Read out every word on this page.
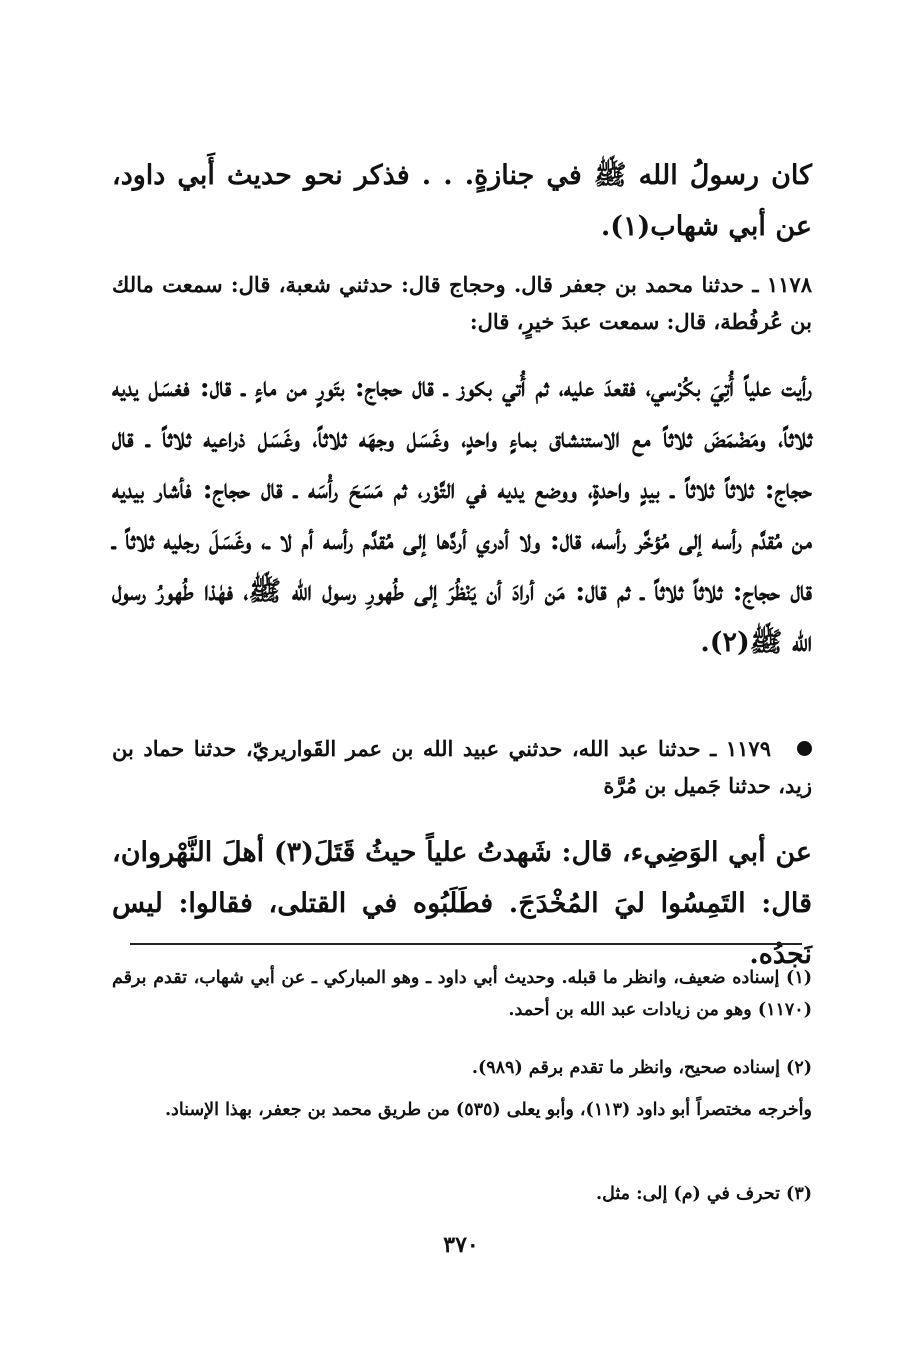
كان رسولُ الله ﷺ في جنازةٍ. . . فذكر نحو حديث أَبي داود، عن أبي شهاب(١).

١١٧٨ ـ حدثنا محمد بن جعفر قال. وحجاج قال: حدثني شعبة، قال: سمعت مالك بن عُرفُطة، قال: سمعت عبدَ خيرٍ، قال:

رأيت علياً أُتِيَ بكُرْسي، فقعدَ عليه، ثم أُتي بكوز ـ قال حجاج: بتَورٍ من ماءٍ ـ قال: فغسَل يديه ثلاثاً، ومَضْمَضَ ثلاثاً مع الاستنشاق بماءٍ واحدٍ، وغَسَل وجهَه ثلاثاً، وغَسَل ذراعيه ثلاثاً ـ قال حجاج: ثلاثاً ثلاثاً ـ بيدٍ واحدةٍ، ووضع يديه في التَّوْر، ثم مَسَحَ رأْسَه ـ قال حجاج: فأشار بيديه من مُقدَّم رأسه إلى مُؤخَّر رأسه، قال: ولا أدري أردَّها إلى مُقدَّم رأسه أم لا ـ، وغَسَلَ رجليه ثلاثاً ـ قال حجاج: ثلاثاً ثلاثاً ـ ثم قال: مَن أرادَ أن يَنْظُرَ إلى طُهورِ رسول الله ﷺ، فهٰذا طُهورُ رسول الله ﷺ(٢).

١١٧٩ ـ حدثنا عبد الله، حدثني عبيد الله بن عمر القَواريريّ، حدثنا حماد بن زيد، حدثنا جَميل بن مُرَّة

عن أبي الوَضِيء، قال: شَهدتُ علياً حيثُ قَتَلَ(٣) أهلَ النَّهْروان، قال: التَمِسُوا ليَ المُخْدَجَ. فطَلَبُوه في القتلى، فقالوا: ليس نَجدُه.

(١) إسناده ضعيف، وانظر ما قبله. وحديث أبي داود ـ وهو المباركي ـ عن أبي شهاب، تقدم برقم (١١٧٠) وهو من زيادات عبد الله بن أحمد.

(٢) إسناده صحيح، وانظر ما تقدم برقم (٩٨٩).

وأخرجه مختصراً أبو داود (١١٣)، وأبو يعلى (٥٣٥) من طريق محمد بن جعفر، بهذا الإسناد.

(٣) تحرف في (م) إلى: مثل.

٣٧٠
